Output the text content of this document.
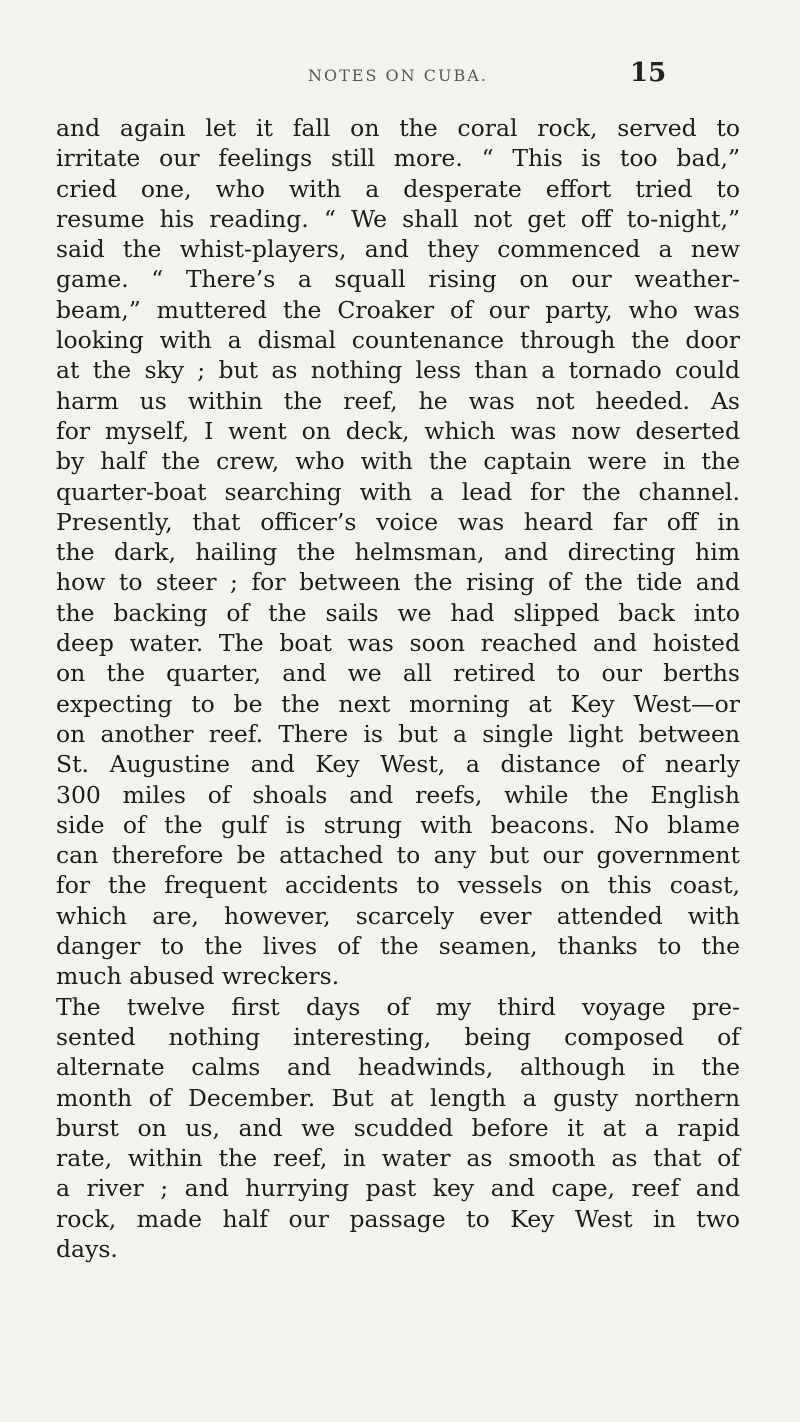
NOTES ON CUBA.	15
and again let it fall on the coral rock, served to
irritate our feelings still more. “ This is too bad,”
cried one, who with a desperate effort tried to
resume his reading. “ We shall not get off to-night,”
said the whist-players, and they commenced a new
game. “ There’s a squall rising on our weather-
beam,” muttered the Croaker of our party, who was
looking with a dismal countenance through the door
at the sky ; but as nothing less than a tornado could
harm us within the reef, he was not heeded. As
for myself, I went on deck, which was now deserted
by half the crew, who with the captain were in the
quarter-boat searching with a lead for the channel.
Presently, that officer’s voice was heard far off in
the dark, hailing the helmsman, and directing him
how to steer ; for between the rising of the tide and
the backing of the sails we had slipped back into
deep water. The boat was soon reached and hoisted
on the quarter, and we all retired to our berths
expecting to be the next morning at Key West—or
on another reef. There is but a single light between
St. Augustine and Key West, a distance of nearly
300 miles of shoals and reefs, while the English
side of the gulf is strung with beacons. No blame
can therefore be attached to any but our government
for the frequent accidents to vessels on this coast,
which are, however, scarcely ever attended with
danger to the lives of the seamen, thanks to the
much abused wreckers.
The twelve first days of my third voyage pre-
sented nothing interesting, being composed of
alternate calms and headwinds, although in the
month of December. But at length a gusty northern
burst on us, and we scudded before it at a rapid
rate, within the reef, in water as smooth as that of
a river ; and hurrying past key and cape, reef and
rock, made half our passage to Key West in two
days.
